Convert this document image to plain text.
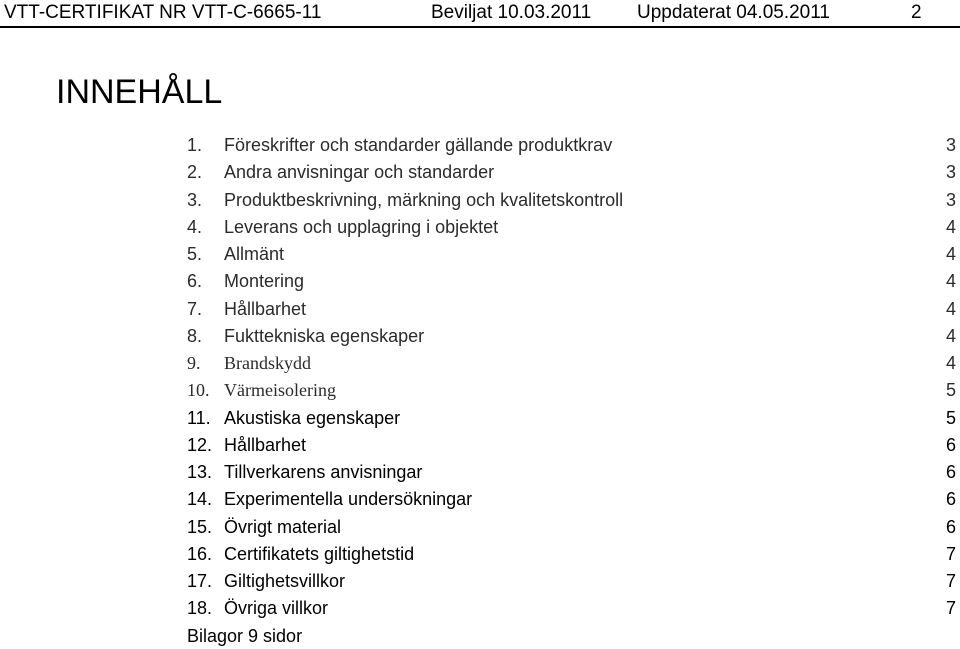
VTT-CERTIFIKAT NR VTT-C-6665-11	Beviljat 10.03.2011 Uppdaterat 04.05.2011	2
INNEHÅLL
1. Föreskrifter och standarder gällande produktkrav	3
2. Andra anvisningar och standarder	3
3. Produktbeskrivning, märkning och kvalitetskontroll	3
4. Leverans och upplagring i objektet	4
5. Allmänt	4
6. Montering	4
7. Hållbarhet	4
8. Fukttekniska egenskaper	4
9. Brandskydd	4
10. Värmeisolering	5
11. Akustiska egenskaper	5
12. Hållbarhet	6
13. Tillverkarens anvisningar	6
14. Experimentella undersökningar	6
15. Övrigt material	6
16. Certifikatets giltighetstid	7
17. Giltighetsvillkor	7
18. Övriga villkor	7
Bilagor 9 sidor
